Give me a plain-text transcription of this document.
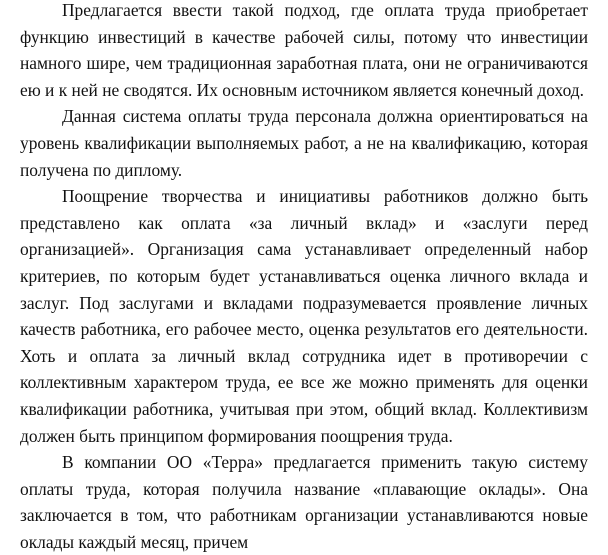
Предлагается ввести такой подход, где оплата труда приобретает функцию инвестиций в качестве рабочей силы, потому что инвестиции намного шире, чем традиционная заработная плата, они не ограничиваются ею и к ней не сводятся. Их основным источником является конечный доход.

Данная система оплаты труда персонала должна ориентироваться на уровень квалификации выполняемых работ, а не на квалификацию, которая получена по диплому.

Поощрение творчества и инициативы работников должно быть представлено как оплата «за личный вклад» и «заслуги перед организацией». Организация сама устанавливает определенный набор критериев, по которым будет устанавливаться оценка личного вклада и заслуг. Под заслугами и вкладами подразумевается проявление личных качеств работника, его рабочее место, оценка результатов его деятельности. Хоть и оплата за личный вклад сотрудника идет в противоречии с коллективным характером труда, ее все же можно применять для оценки квалификации работника, учитывая при этом, общий вклад. Коллективизм должен быть принципом формирования поощрения труда.

В компании ОО «Терра» предлагается применить такую систему оплаты труда, которая получила название «плавающие оклады». Она заключается в том, что работникам организации устанавливаются новые оклады каждый месяц, причем
